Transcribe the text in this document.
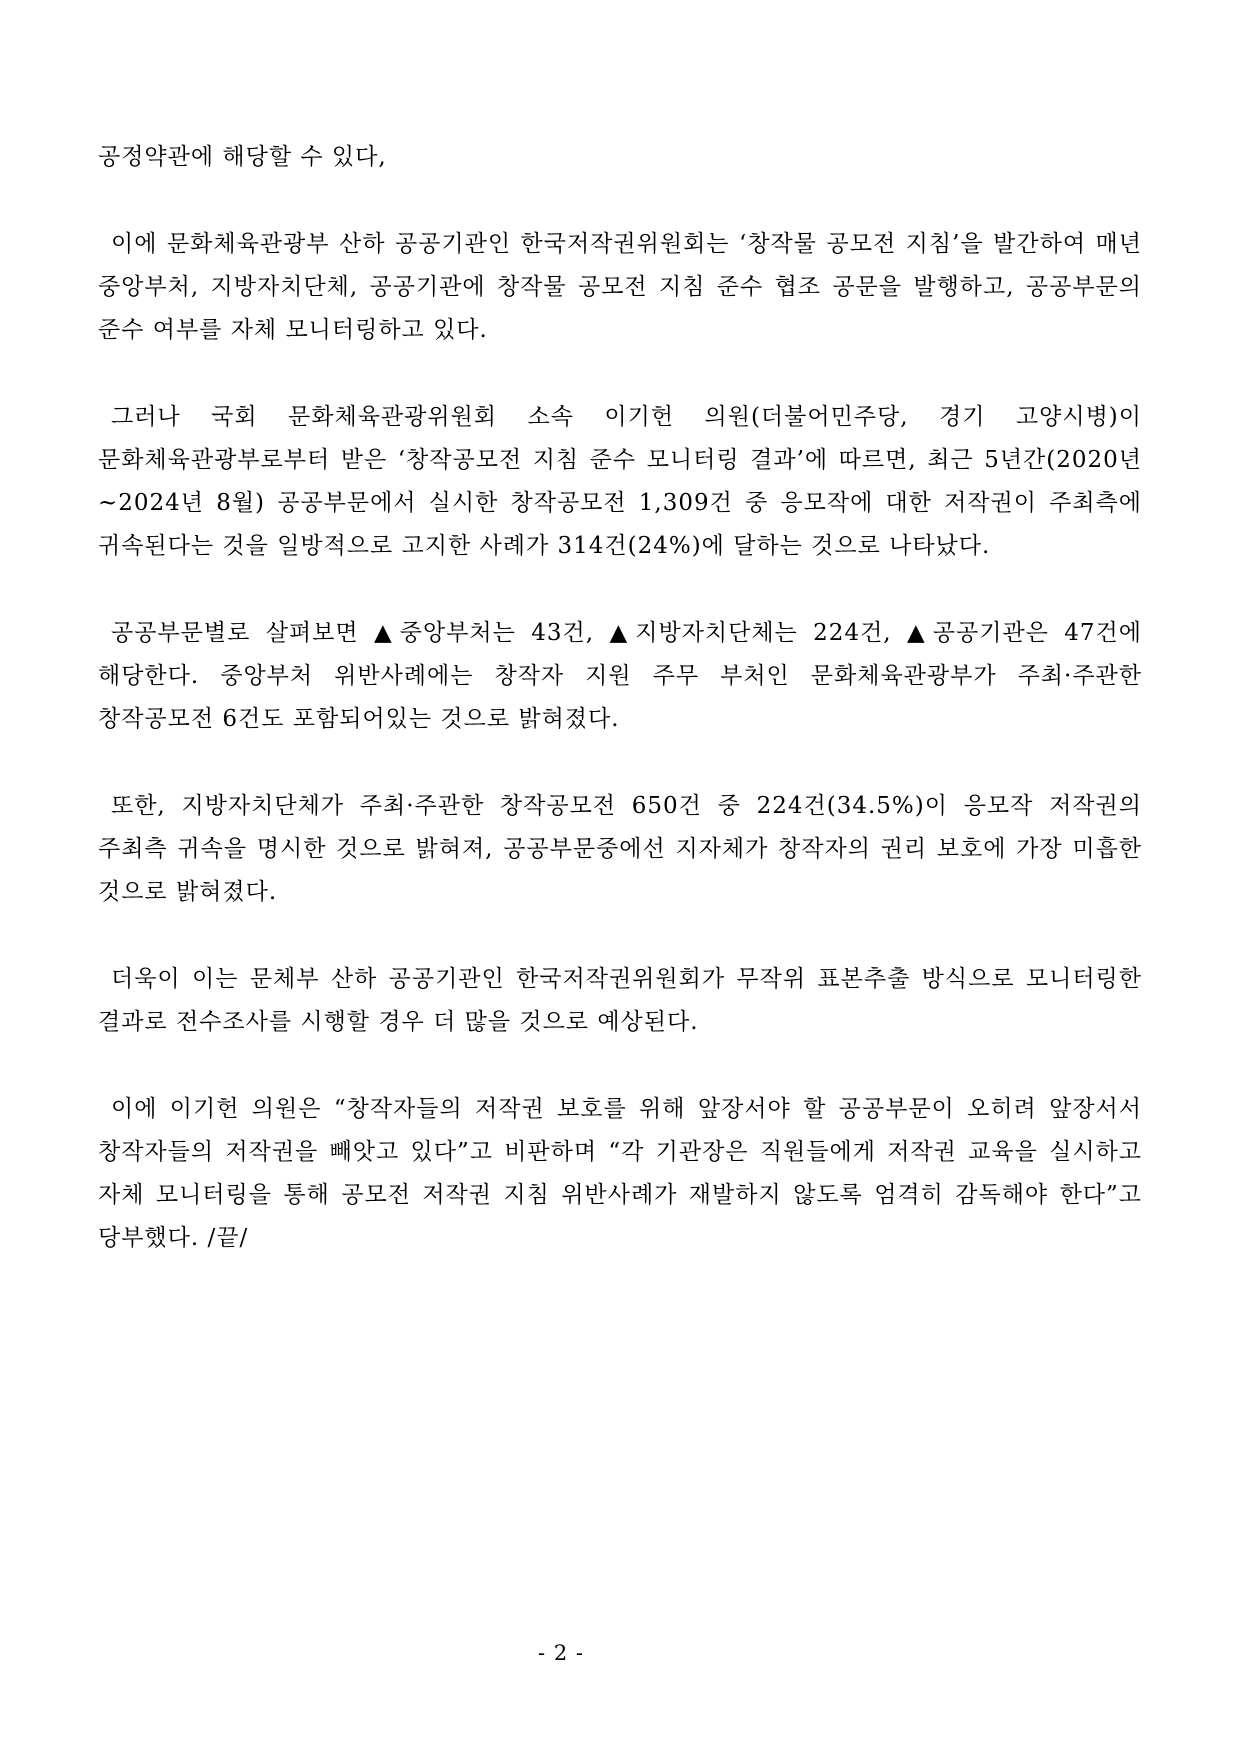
공정약관에 해당할 수 있다,

이에 문화체육관광부 산하 공공기관인 한국저작권위원회는 ‘창작물 공모전 지침’을 발간하여 매년 중앙부처, 지방자치단체, 공공기관에 창작물 공모전 지침 준수 협조 공문을 발행하고, 공공부문의 준수 여부를 자체 모니터링하고 있다.

그러나 국회 문화체육관광위원회 소속 이기헌 의원(더불어민주당, 경기 고양시병)이 문화체육관광부로부터 받은 ‘창작공모전 지침 준수 모니터링 결과’에 따르면, 최근 5년간(2020년~2024년 8월) 공공부문에서 실시한 창작공모전 1,309건 중 응모작에 대한 저작권이 주최측에 귀속된다는 것을 일방적으로 고지한 사례가 314건(24%)에 달하는 것으로 나타났다.

공공부문별로 살펴보면 ▲중앙부처는 43건, ▲지방자치단체는 224건, ▲공공기관은 47건에 해당한다. 중앙부처 위반사례에는 창작자 지원 주무 부처인 문화체육관광부가 주최·주관한 창작공모전 6건도 포함되어있는 것으로 밝혀졌다.

또한, 지방자치단체가 주최·주관한 창작공모전 650건 중 224건(34.5%)이 응모작 저작권의 주최측 귀속을 명시한 것으로 밝혀져, 공공부문중에선 지자체가 창작자의 권리 보호에 가장 미흡한 것으로 밝혀졌다.

더욱이 이는 문체부 산하 공공기관인 한국저작권위원회가 무작위 표본추출 방식으로 모니터링한 결과로 전수조사를 시행할 경우 더 많을 것으로 예상된다.

이에 이기헌 의원은 “창작자들의 저작권 보호를 위해 앞장서야 할 공공부문이 오히려 앞장서서 창작자들의 저작권을 빼앗고 있다”고 비판하며 “각 기관장은 직원들에게 저작권 교육을 실시하고 자체 모니터링을 통해 공모전 저작권 지침 위반사례가 재발하지 않도록 엄격히 감독해야 한다”고 당부했다. /끝/

- 2 -
